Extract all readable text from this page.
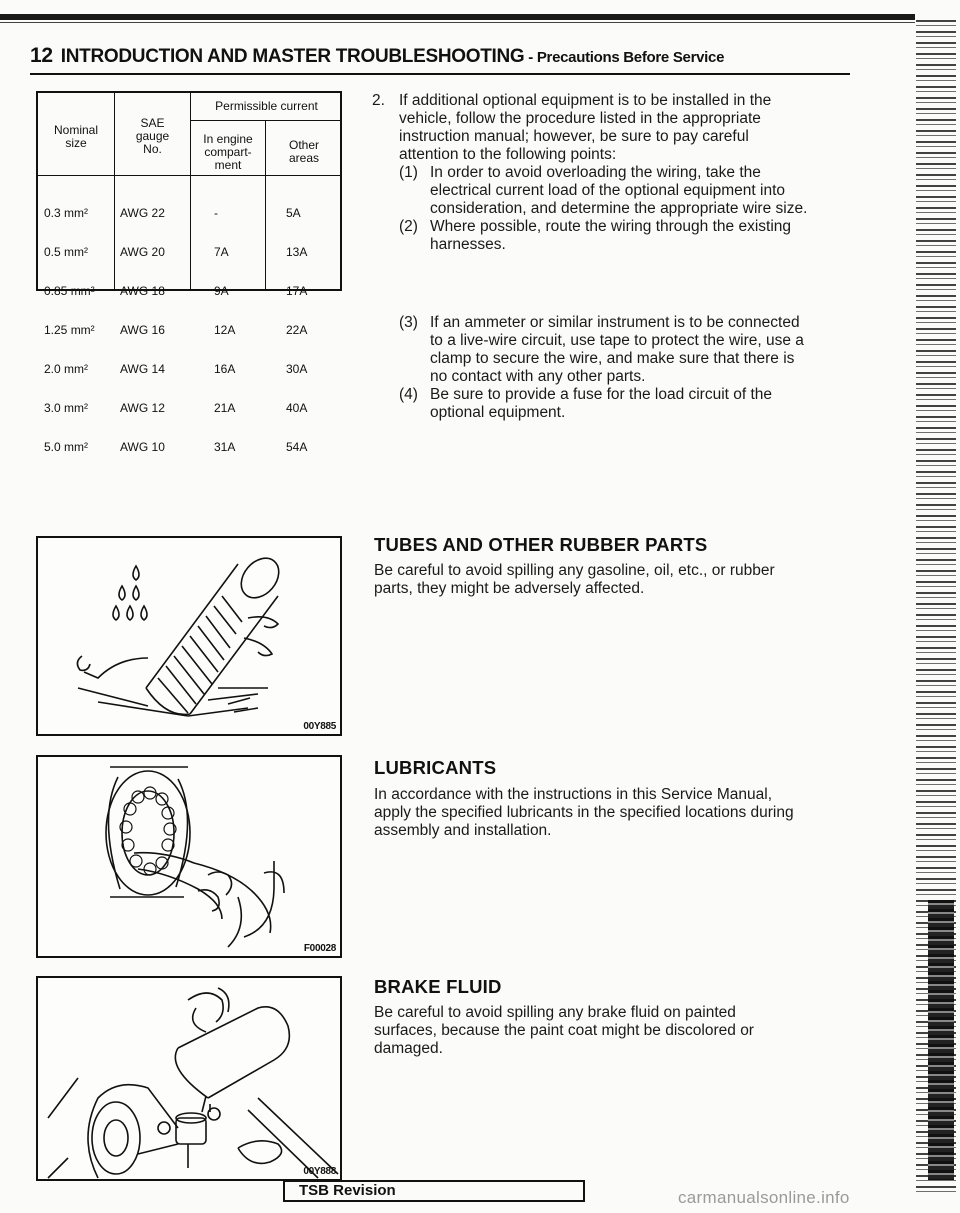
12 INTRODUCTION AND MASTER TROUBLESHOOTING - Precautions Before Service
Nominal
size
SAE
gauge
No.
Permissible current
In engine
compart-
ment
Other
areas

0.3 mm²

0.5 mm²

0.85 mm²

1.25 mm²

2.0 mm²

3.0 mm²

5.0 mm²

AWG 22

AWG 20

AWG 18

AWG 16

AWG 14

AWG 12

AWG 10

-

7A

9A

12A

16A

21A

31A

5A

13A

17A

22A

30A

40A

54A

2. If additional optional equipment is to be installed in the
vehicle, follow the procedure listed in the appropriate
instruction manual; however, be sure to pay careful
attention to the following points:
(1) In order to avoid overloading the wiring, take the
electrical current load of the optional equipment into
consideration, and determine the appropriate wire size.
(2) Where possible, route the wiring through the existing
harnesses.
(3) If an ammeter or similar instrument is to be connected
to a live-wire circuit, use tape to protect the wire, use a
clamp to secure the wire, and make sure that there is
no contact with any other parts.
(4) Be sure to provide a fuse for the load circuit of the
optional equipment.
00Y885
F00028
00Y888
TUBES AND OTHER RUBBER PARTS
Be careful to avoid spilling any gasoline, oil, etc., or rubber
parts, they might be adversely affected.
LUBRICANTS
In accordance with the instructions in this Service Manual,
apply the specified lubricants in the specified locations during
assembly and installation.
BRAKE FLUID
Be careful to avoid spilling any brake fluid on painted
surfaces, because the paint coat might be discolored or
damaged.
TSB Revision	carmanualsonline.info
